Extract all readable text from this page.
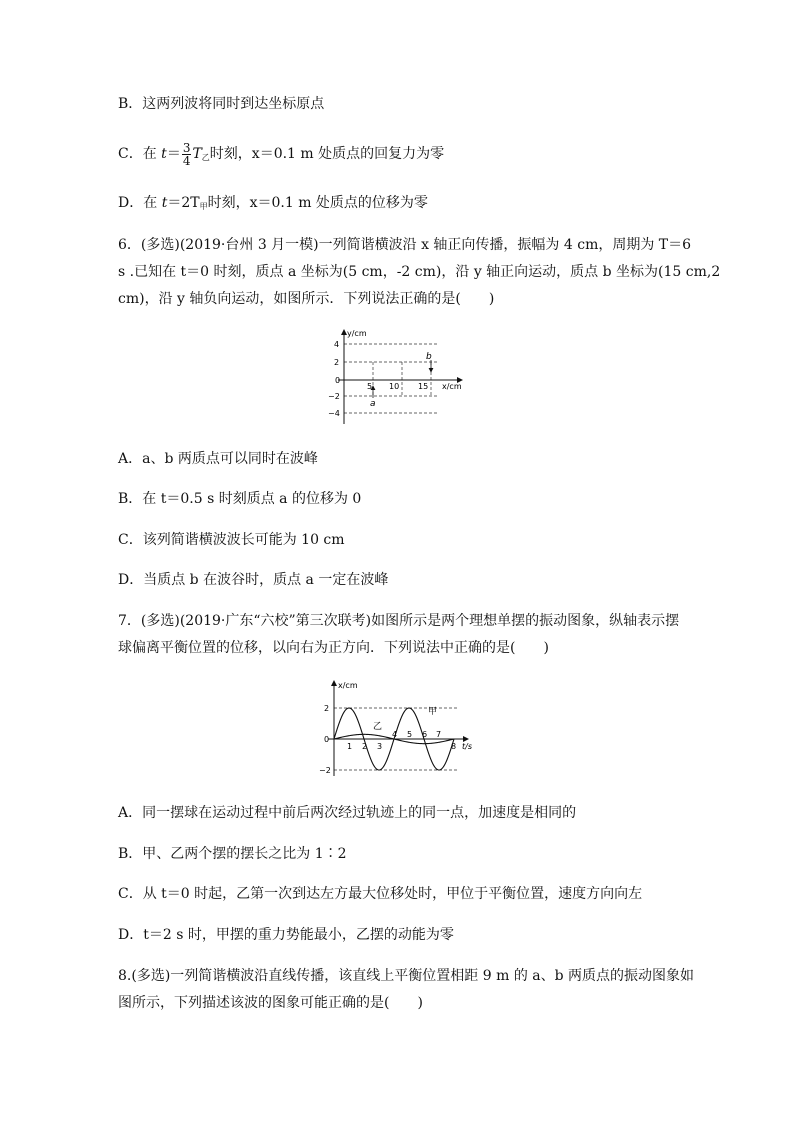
B．这两列波将同时到达坐标原点
C．在 $t= \frac{3}{4} T_乙$时刻，x＝0.1 m 处质点的回复力为零
D．在 $t=2T_甲$时刻，x＝0.1 m 处质点的位移为零
6．(多选)(2019·台州 3 月一模)一列简谐横波沿 x 轴正向传播，振幅为 4 cm，周期为 T＝6
s .已知在 t＝0 时刻，质点 a 坐标为(5 cm，-2 cm)，沿 y 轴正向运动，质点 b 坐标为(15 cm,2
cm)，沿 y 轴负向运动，如图所示．下列说法正确的是(　　)
y/cm
x/cm
4
2
0
−2
−4
5 10 15
a
b
A．a、b 两质点可以同时在波峰
B．在 t＝0.5 s 时刻质点 a 的位移为 0
C．该列简谐横波波长可能为 10 cm
D．当质点 b 在波谷时，质点 a 一定在波峰
7．(多选)(2019·广东“六校”第三次联考)如图所示是两个理想单摆的振动图象，纵轴表示摆
球偏离平衡位置的位移，以向右为正方向．下列说法中正确的是(　　)
x/cm
t/s
2
0
−2
1 2 3
4 5 6 7
8
甲
乙
A．同一摆球在运动过程中前后两次经过轨迹上的同一点，加速度是相同的
B．甲、乙两个摆的摆长之比为 1∶2
C．从 t＝0 时起，乙第一次到达左方最大位移处时，甲位于平衡位置，速度方向向左
D．t＝2 s 时，甲摆的重力势能最小，乙摆的动能为零
8.(多选)一列简谐横波沿直线传播，该直线上平衡位置相距 9 m 的 a、b 两质点的振动图象如
图所示，下列描述该波的图象可能正确的是(　　)
